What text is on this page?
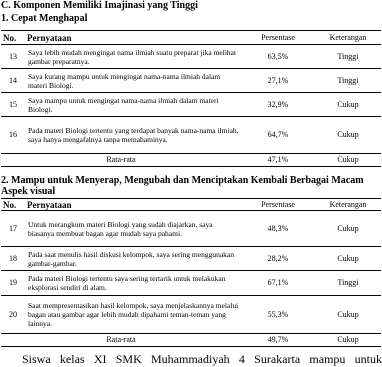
C. Komponen Memiliki Imajinasi yang Tinggi
1. Cepat Menghapal
No.	Pernyataan	Persentase	Keterangan
13	Saya lebih mudah mengingat nama ilmiah suatu preparat jika melihat gambar preparatnya.	63,5%	Tinggi
14	Saya kurang mampu untuk mengingat nama-nama ilmiah dalam materi Biologi.	27,1%	Tinggi
15	Saya mampu untuk mengingat nama-nama ilmiah dalam materi Biologi.	32,9%	Cukup
16	Pada materi Biologi tertentu yang terdapat banyak nama-nama ilmiah, saya hanya mengafalnya tanpa memahaminya.	64,7%	Cukup
Rata-rata		47,1%	Cukup
2. Mampu untuk Menyerap, Mengubah dan Menciptakan Kembali Berbagai Macam
Aspek visual
No.	Pernyataan	Persentase	Keterangan
17	Untuk merangkum materi Biologi yang sudah diajarkan, saya biasanya membuat bagan agar mudah saya pahami.	48,3%	Cukup
18	Pada saat menulis hasil diskusi kelompok, saya sering menggunakan gambar-gambar.	28,2%	Cukup
19	Pada materi Biologi tertentu saya sering tertarik untuk melakukan eksplorasi sendiri di alam.	67,1%	Tinggi
20	Saat mempresentasikan hasil kelompok, saya menjelaskannya melalui bagan atau gambar agar lebih mudah dipahami teman-teman yang lainnya.	55,3%	Cukup
Rata-rata		49,7%	Cukup
Siswa kelas XI SMK Muhammadiyah 4 Surakarta mampu untuk
